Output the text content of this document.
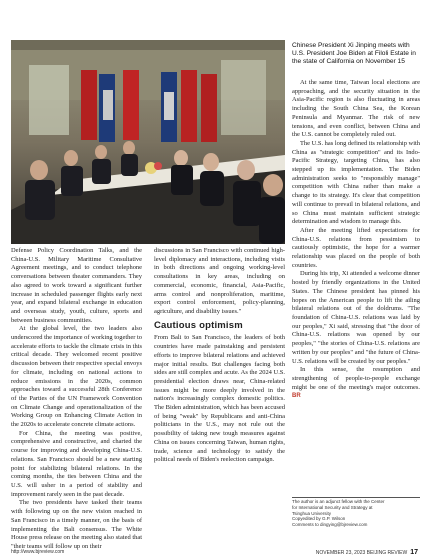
Chinese President Xi Jinping meets with U.S. President Joe Biden at Filoli Estate in the state of California on November 15

Defense Policy Coordination Talks, and the China-U.S. Military Maritime Consultative Agreement meetings, and to conduct telephone conversations between theater commanders. They also agreed to work toward a significant further increase in scheduled passenger flights early next year, and expand bilateral exchange in education and overseas study, youth, culture, sports and between business communities.

At the global level, the two leaders also underscored the importance of working together to accelerate efforts to tackle the climate crisis in this critical decade. They welcomed recent positive discussion between their respective special envoys for climate, including on national actions to reduce emissions in the 2020s, common approaches toward a successful 28th Conference of the Parties of the UN Framework Convention on Climate Change and operationalization of the Working Group on Enhancing Climate Action in the 2020s to accelerate concrete climate actions.

For China, the meeting was positive, comprehensive and constructive, and charted the course for improving and developing China-U.S. relations. San Francisco should be a new starting point for stabilizing bilateral relations. In the coming months, the ties between China and the U.S. will usher in a period of stability and improvement rarely seen in the past decade.

The two presidents have tasked their teams with following up on the new vision reached in San Francisco in a timely manner, on the basis of implementing the Bali consensus. The White House press release on the meeting also stated that "their teams will follow up on their

discussions in San Francisco with continued high-level diplomacy and interactions, including visits in both directions and ongoing working-level consultations in key areas, including on commercial, economic, financial, Asia-Pacific, arms control and nonproliferation, maritime, export control enforcement, policy-planning, agriculture, and disability issues."

Cautious optimism

From Bali to San Francisco, the leaders of both countries have made painstaking and persistent efforts to improve bilateral relations and achieved major initial results. But challenges facing both sides are still complex and acute. As the 2024 U.S. presidential election draws near, China-related issues might be more deeply involved in the nation's increasingly complex domestic politics. The Biden administration, which has been accused of being "weak" by Republicans and anti-China politicians in the U.S., may not rule out the possibility of taking new tough measures against China on issues concerning Taiwan, human rights, trade, science and technology to satisfy the political needs of Biden's reelection campaign.

At the same time, Taiwan local elections are approaching, and the security situation in the Asia-Pacific region is also fluctuating in areas including the South China Sea, the Korean Peninsula and Myanmar. The risk of new tensions, and even conflict, between China and the U.S. cannot be completely ruled out.

The U.S. has long defined its relationship with China as "strategic competition" and its Indo-Pacific Strategy, targeting China, has also stepped up its implementation. The Biden administration seeks to "responsibly manage" competition with China rather than make a change to its strategy. It's clear that competition will continue to prevail in bilateral relations, and so China must maintain sufficient strategic determination and wisdom to manage this.

After the meeting lifted expectations for China-U.S. relations from pessimism to cautiously optimistic, the hope for a warmer relationship was placed on the people of both countries.

During his trip, Xi attended a welcome dinner hosted by friendly organizations in the United States. The Chinese president has pinned his hopes on the American people to lift the ailing bilateral relations out of the doldrums. "The foundation of China-U.S. relations was laid by our peoples," Xi said, stressing that "the door of China-U.S. relations was opened by our peoples," "the stories of China-U.S. relations are written by our peoples" and "the future of China-U.S. relations will be created by our peoples."

In this sense, the resumption and strengthening of people-to-people exchange might be one of the meeting's major outcomes. BR

The author is an adjunct fellow with the Center
for International Security and Strategy at
Tsinghua University
Copyedited by G.P. Wilson
Comments to dingying@bjreview.com
http://www.bjreview.com	NOVEMBER 23, 2023 BEIJING REVIEW 17
